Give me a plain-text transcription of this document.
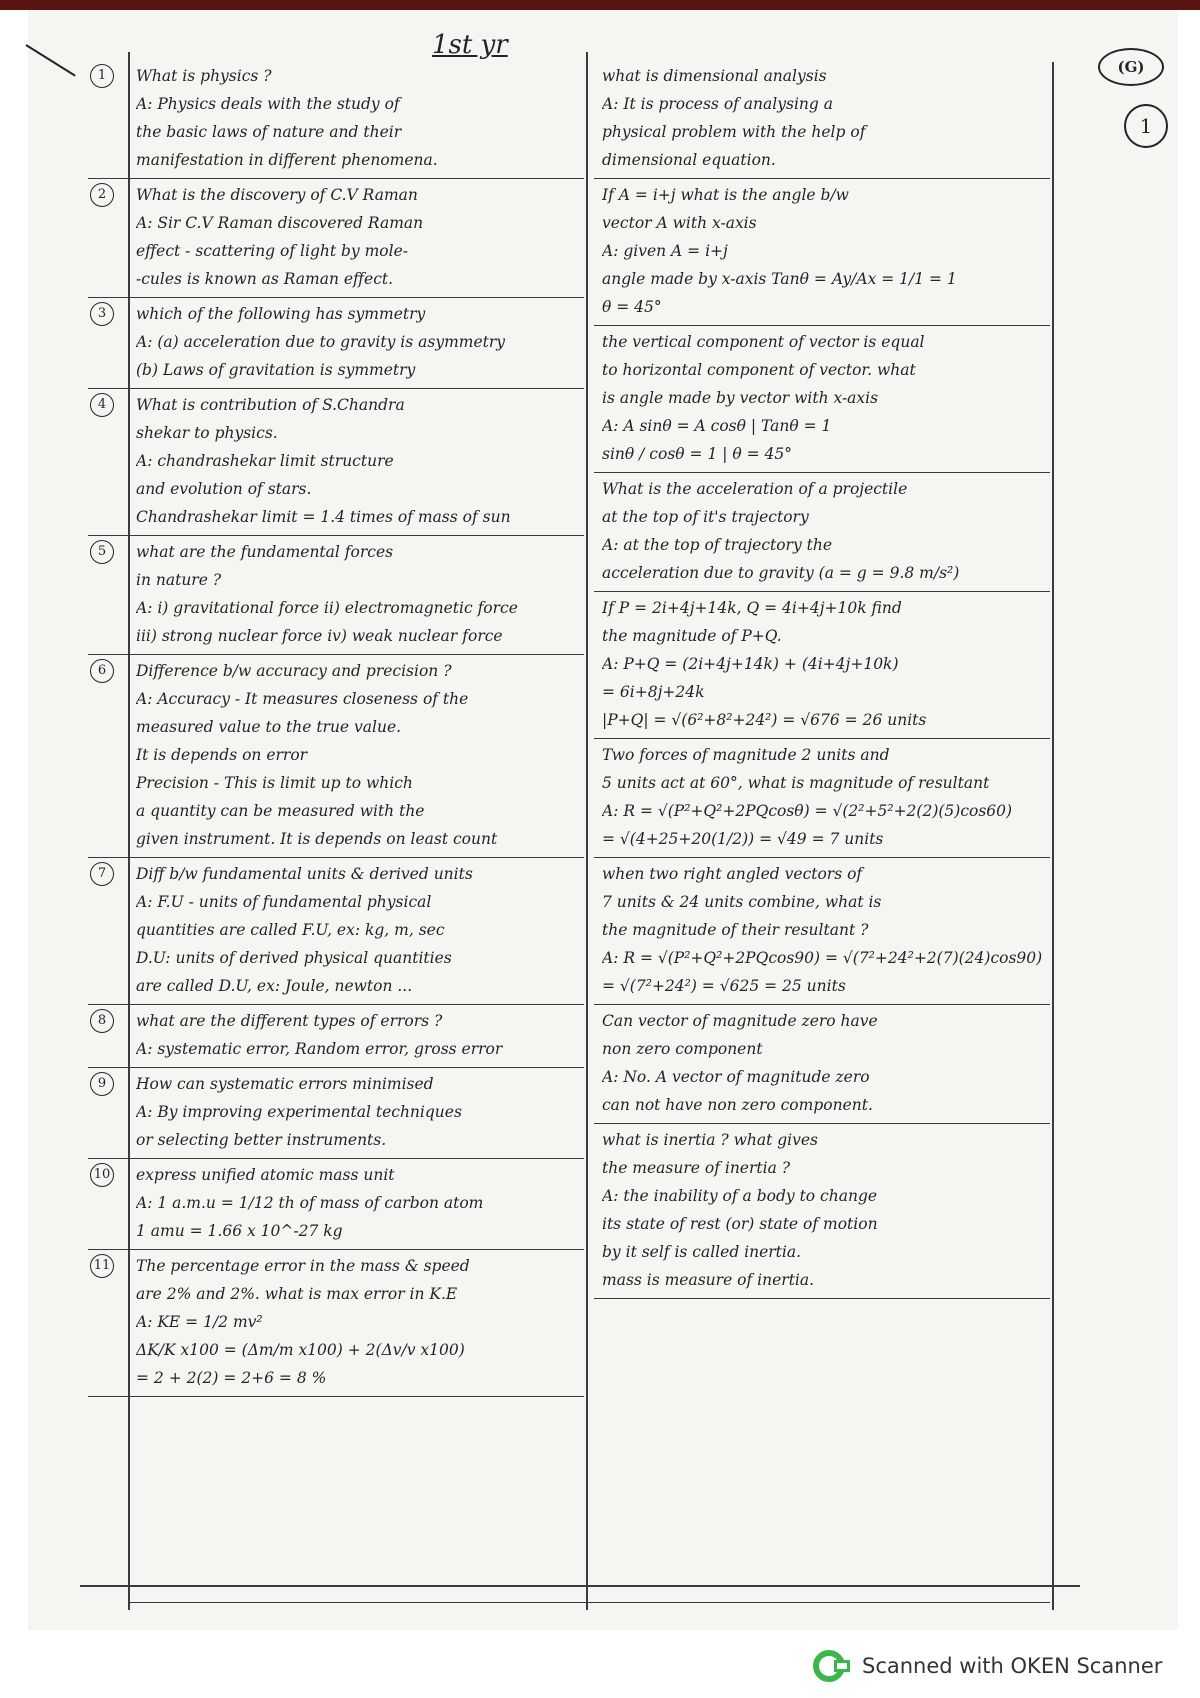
1st yr
(G)
1
1	What is physics ?
A: Physics deals with the study of
the basic laws of nature and their
manifestation in different phenomena.
2	What is the discovery of C.V Raman
A: Sir C.V Raman discovered Raman
effect - scattering of light by mole-
-cules is known as Raman effect.
3	which of the following has symmetry
A: (a) acceleration due to gravity is asymmetry
(b) Laws of gravitation is symmetry
4	What is contribution of S.Chandra
shekar to physics.
A: chandrashekar limit structure
and evolution of stars.
Chandrashekar limit = 1.4 times of mass of sun
5	what are the fundamental forces
in nature ?
A: i) gravitational force ii) electromagnetic force
iii) strong nuclear force iv) weak nuclear force
6	Difference b/w accuracy and precision ?
A: Accuracy - It measures closeness of the
measured value to the true value.
It is depends on error
Precision - This is limit up to which
a quantity can be measured with the
given instrument. It is depends on least count
7	Diff b/w fundamental units & derived units
A: F.U - units of fundamental physical
quantities are called F.U, ex: kg, m, sec
D.U: units of derived physical quantities
are called D.U, ex: Joule, newton ...
8	what are the different types of errors ?
A: systematic error, Random error, gross error
9	How can systematic errors minimised
A: By improving experimental techniques
or selecting better instruments.
10 express unified atomic mass unit
A: 1 a.m.u = 1/12 th of mass of carbon atom
1 amu = 1.66 x 10^-27 kg
11 The percentage error in the mass & speed
are 2% and 2%. what is max error in K.E
A: KE = 1/2 mv²
ΔK/K x100 = (Δm/m x100) + 2(Δv/v x100)
= 2 + 2(2) = 2+6 = 8 %
what is dimensional analysis
A: It is process of analysing a
physical problem with the help of
dimensional equation.
If A = i+j what is the angle b/w
vector A with x-axis
A: given A = i+j
angle made by x-axis Tanθ = Ay/Ax = 1/1 = 1
θ = 45°
the vertical component of vector is equal
to horizontal component of vector. what
is angle made by vector with x-axis
A: A sinθ = A cosθ | Tanθ = 1
sinθ / cosθ = 1 | θ = 45°
What is the acceleration of a projectile
at the top of it's trajectory
A: at the top of trajectory the
acceleration due to gravity (a = g = 9.8 m/s²)
If P = 2i+4j+14k, Q = 4i+4j+10k find
the magnitude of P+Q.
A: P+Q = (2i+4j+14k) + (4i+4j+10k)
= 6i+8j+24k
|P+Q| = √(6²+8²+24²) = √676 = 26 units
Two forces of magnitude 2 units and
5 units act at 60°, what is magnitude of resultant
A: R = √(P²+Q²+2PQcosθ) = √(2²+5²+2(2)(5)cos60)
= √(4+25+20(1/2)) = √49 = 7 units
when two right angled vectors of
7 units & 24 units combine, what is
the magnitude of their resultant ?
A: R = √(P²+Q²+2PQcos90) = √(7²+24²+2(7)(24)cos90)
= √(7²+24²) = √625 = 25 units
Can vector of magnitude zero have
non zero component
A: No. A vector of magnitude zero
can not have non zero component.
what is inertia ? what gives
the measure of inertia ?
A: the inability of a body to change
its state of rest (or) state of motion
by it self is called inertia.
mass is measure of inertia.
Scanned with OKEN Scanner
